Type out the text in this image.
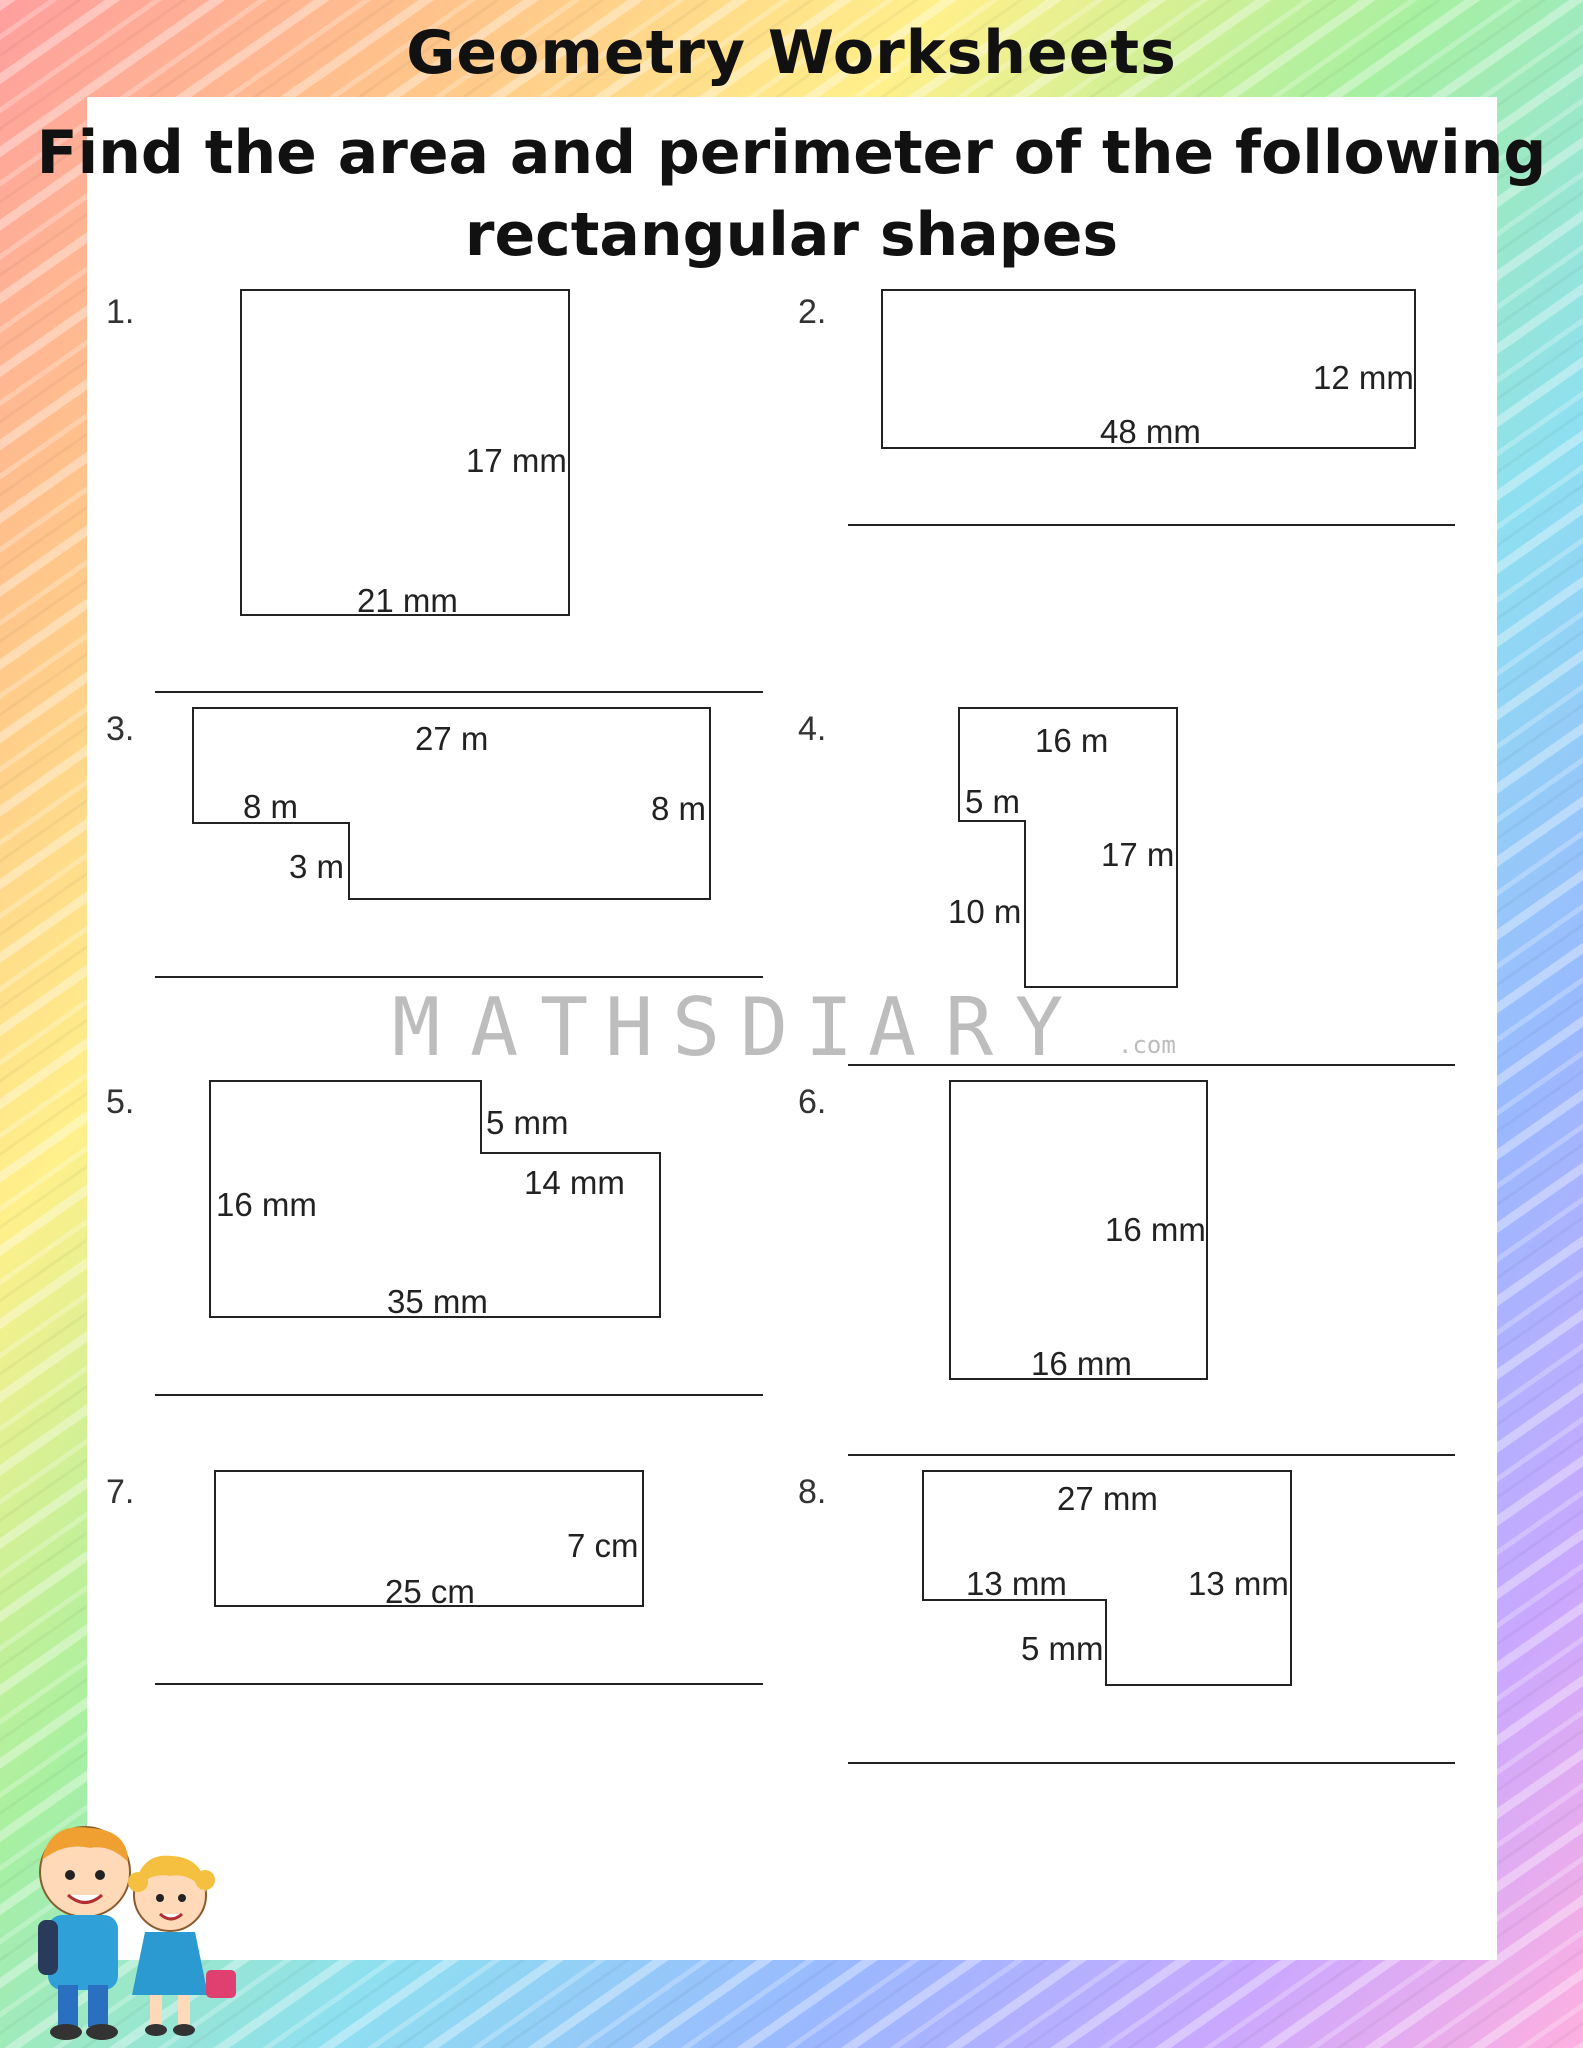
Geometry Worksheets
Find the area and perimeter of the following
rectangular shapes
M A T H S D I A R Y .com
1.
17 mm
21 mm
2.
12 mm
48 mm
3.	27 m
8 m	8 m
3 m
4.	16 m
5 m
17 m
10 m
5.
5 mm
14 mm
16 mm
35 mm
6.
16 mm
16 mm
7.
7 cm
25 cm
8.	27 mm
13 mm	13 mm
5 mm
